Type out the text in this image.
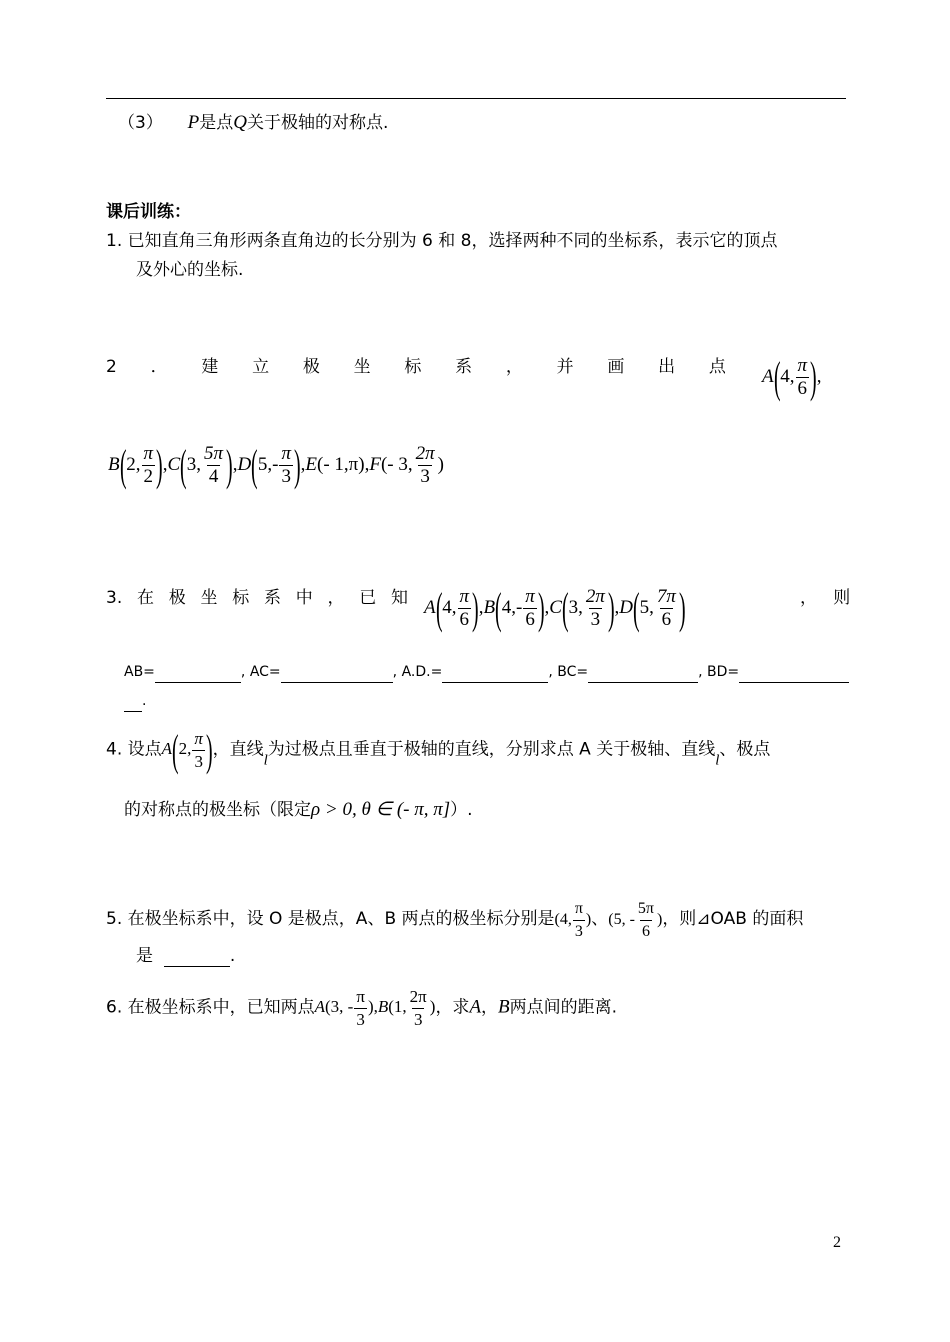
（3） P是点Q关于极轴的对称点.
课后训练：
1. 已知直角三角形两条直角边的长分别为 6 和 8，选择两种不同的坐标系，表示它的顶点
及外心的坐标.
2 ． 建 立 极 坐 标 系 ， 并 画 出 点 A(4, $\frac{\pi}{6}$ ),
B(2, $\frac{\pi}{2} ),C(3$, $\frac{5\pi}{4} ),D(5,- \frac{\pi}{3} ),E(-$ 1,π),F(- 3, $\frac{2\pi}{3}$ )
3. 在 极 坐 标 系 中 ， 已 知 A(4, $\frac{\pi}{6} ),B(4,- \frac{\pi}{6} ),C(3$, $\frac{2\pi}{3} ),D(5$, $\frac{7\pi}{6}$ )	，   则
AB=	, AC=	, A.D.=	, BC=	, BD=
.
4. 设点A(2, $\frac{\pi}{3}$ )，直线l为过极点且垂直于极轴的直线，分别求点 A 关于极轴、直线l、极点
的对称点的极坐标（限定ρ > 0, θ ∈ (- π, π]）.
5. 在极坐标系中，设 O 是极点，A、B 两点的极坐标分别是(4, $\frac{\pi}{3}$ )、(5, - $\frac{5\pi}{6}$ )，则⊿OAB 的面积
是	.
6. 在极坐标系中，已知两点A(3, - $\frac{\pi}{3} ),B(1$, $\frac{2\pi}{3}$ )，求A，B两点间的距离.
2
